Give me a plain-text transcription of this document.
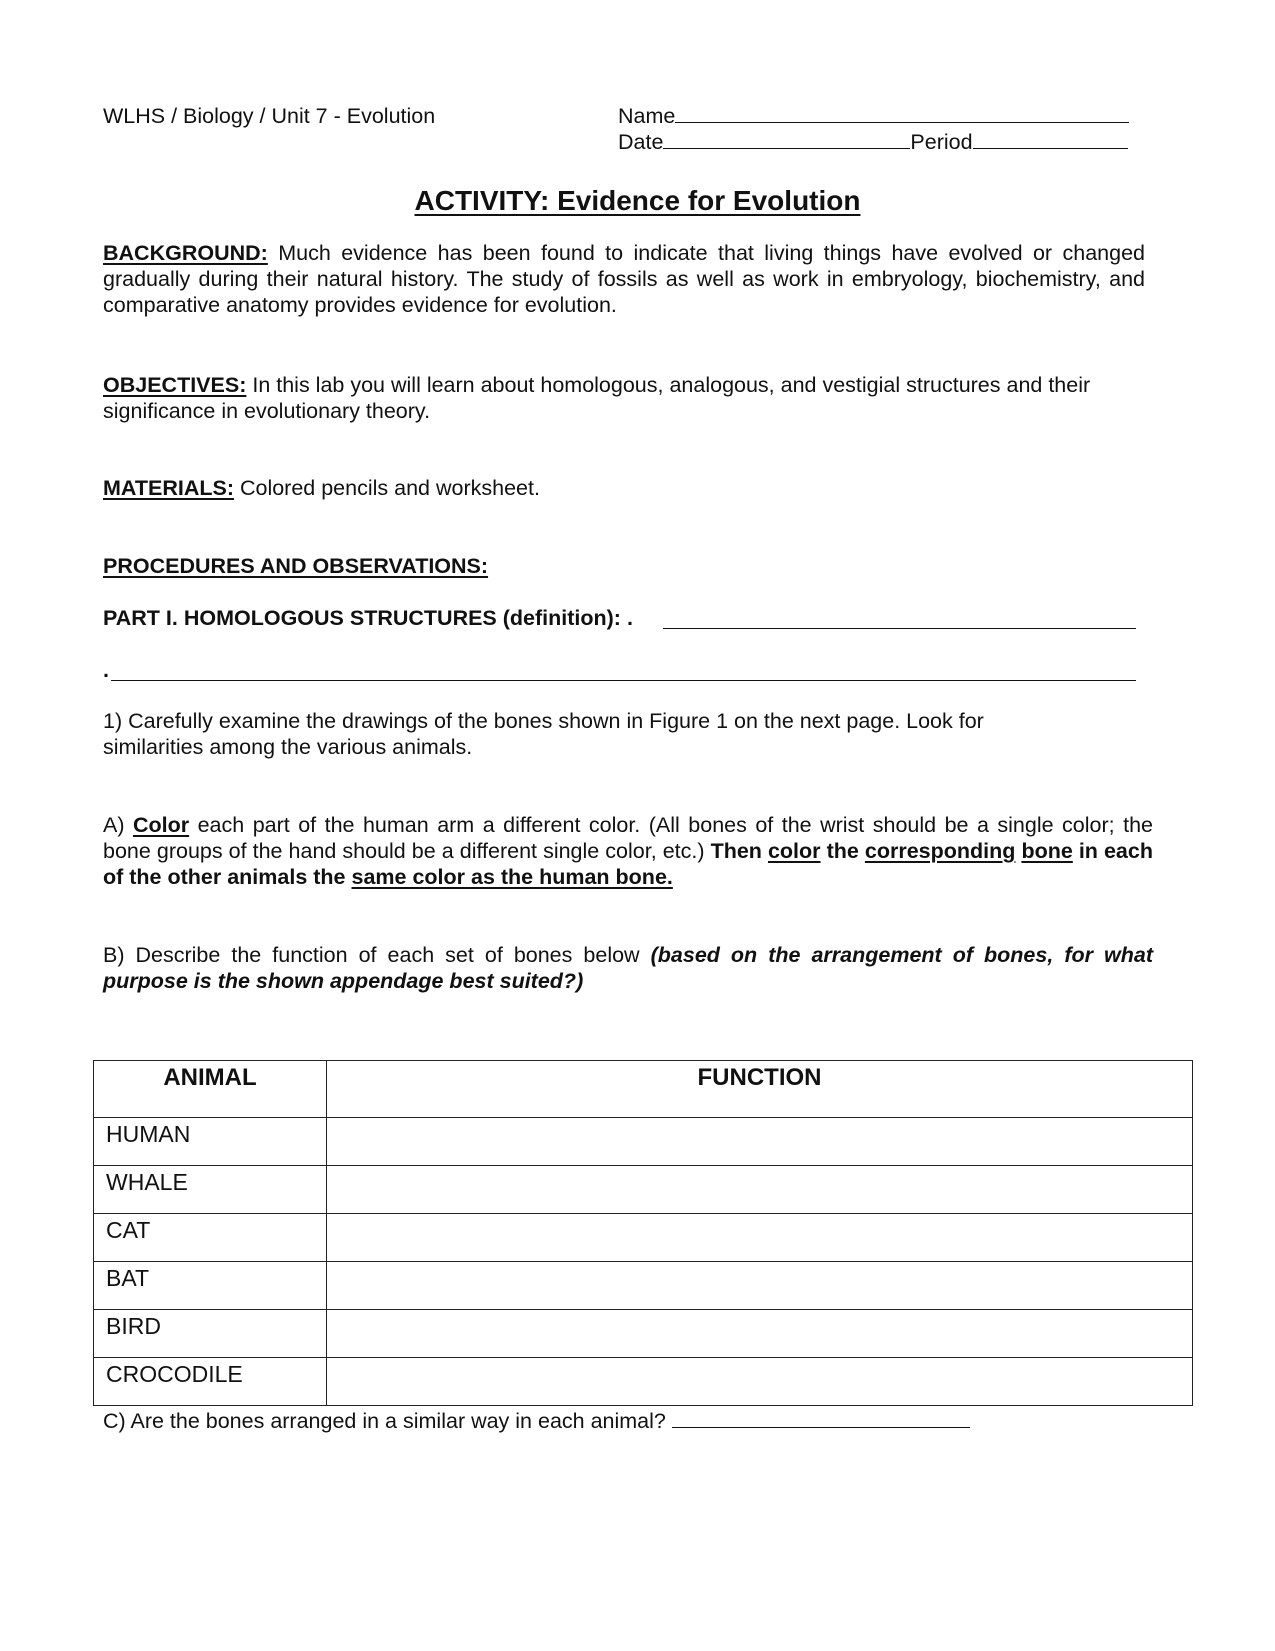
WLHS / Biology / Unit 7 - Evolution	Name
Date	Period
ACTIVITY: Evidence for Evolution
BACKGROUND: Much evidence has been found to indicate that living things have evolved or changed gradually during their natural history. The study of fossils as well as work in embryology, biochemistry, and comparative anatomy provides evidence for evolution.
OBJECTIVES: In this lab you will learn about homologous, analogous, and vestigial structures and their significance in evolutionary theory.
MATERIALS: Colored pencils and worksheet.
PROCEDURES AND OBSERVATIONS:
PART I. HOMOLOGOUS STRUCTURES (definition): .
.
1) Carefully examine the drawings of the bones shown in Figure 1 on the next page. Look for similarities among the various animals.
A) Color each part of the human arm a different color. (All bones of the wrist should be a single color; the bone groups of the hand should be a different single color, etc.) Then color the corresponding bone in each of the other animals the same color as the human bone.
B) Describe the function of each set of bones below (based on the arrangement of bones, for what purpose is the shown appendage best suited?)
ANIMAL	FUNCTION
HUMAN	
WHALE	
CAT	
BAT	
BIRD	
CROCODILE	
C) Are the bones arranged in a similar way in each animal?
